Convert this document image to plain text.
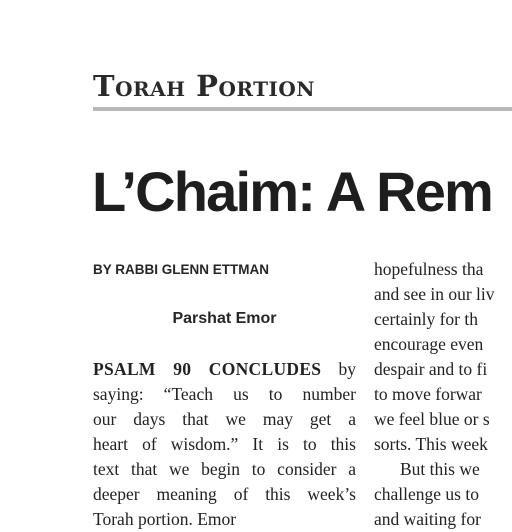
Torah Portion
L’Chaim: A Rem
BY RABBI GLENN ETTMAN
Parshat Emor
PSALM 90 CONCLUDES by
saying: “Teach us to number
our days that we may get a
heart of wisdom.” It is to this
text that we begin to consider a
deeper meaning of this week’s
Torah portion. Emor
hopefulness tha
and see in our liv
certainly for th
encourage even
despair and to fi
to move forwar
we feel blue or s
sorts. This week
But this we
challenge us to
and waiting for
